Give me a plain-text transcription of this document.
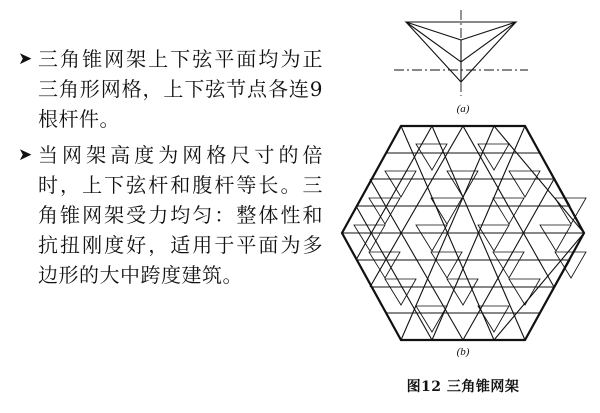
➤ 三角锥网架上下弦平面均为正三角形网格，上下弦节点各连9根杆件。
➤ 当网架高度为网格尺寸的倍时，上下弦杆和腹杆等长。三角锥网架受力均匀：整体性和抗扭刚度好，适用于平面为多边形的大中跨度建筑。
(a)
(b)
图12 三角锥网架
